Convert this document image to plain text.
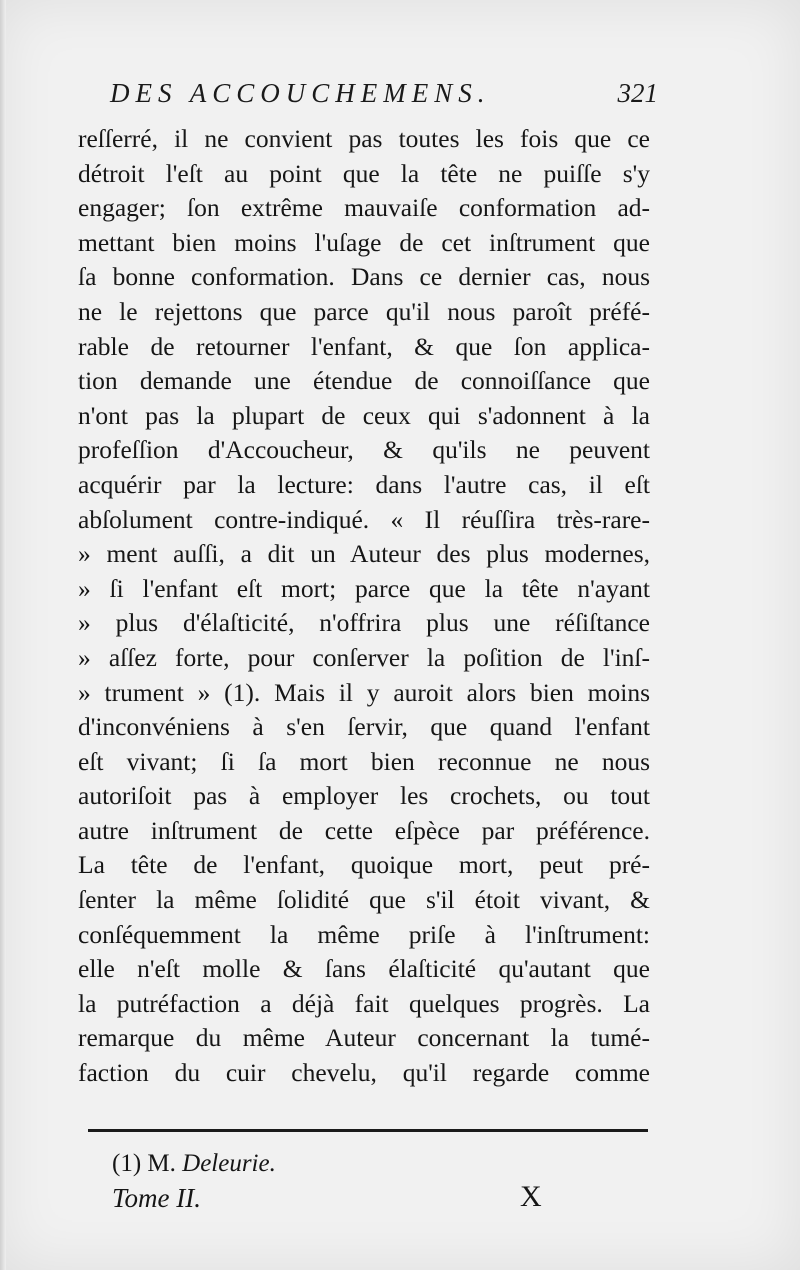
DES ACCOUCHEMENS.	321
reſſerré, il ne convient pas toutes les fois que ce
détroit l'eſt au point que la tête ne puiſſe s'y
engager; ſon extrême mauvaiſe conformation ad-
mettant bien moins l'uſage de cet inſtrument que
ſa bonne conformation. Dans ce dernier cas, nous
ne le rejettons que parce qu'il nous paroît préfé-
rable de retourner l'enfant, & que ſon applica-
tion demande une étendue de connoiſſance que
n'ont pas la plupart de ceux qui s'adonnent à la
profeſſion d'Accoucheur, & qu'ils ne peuvent
acquérir par la lecture: dans l'autre cas, il eſt
abſolument contre-indiqué. « Il réuſſira très-rare-
» ment auſſi, a dit un Auteur des plus modernes,
» ſi l'enfant eſt mort; parce que la tête n'ayant
» plus d'élaſticité, n'offrira plus une réſiſtance
» aſſez forte, pour conſerver la poſition de l'inſ-
» trument » (1). Mais il y auroit alors bien moins
d'inconvéniens à s'en ſervir, que quand l'enfant
eſt vivant; ſi ſa mort bien reconnue ne nous
autoriſoit pas à employer les crochets, ou tout
autre inſtrument de cette eſpèce par préférence.
La tête de l'enfant, quoique mort, peut pré-
ſenter la même ſolidité que s'il étoit vivant, &
conſéquemment la même priſe à l'inſtrument:
elle n'eſt molle & ſans élaſticité qu'autant que
la putréfaction a déjà fait quelques progrès. La
remarque du même Auteur concernant la tumé-
faction du cuir chevelu, qu'il regarde comme
(1) M. Deleurie.
Tome II.	X
